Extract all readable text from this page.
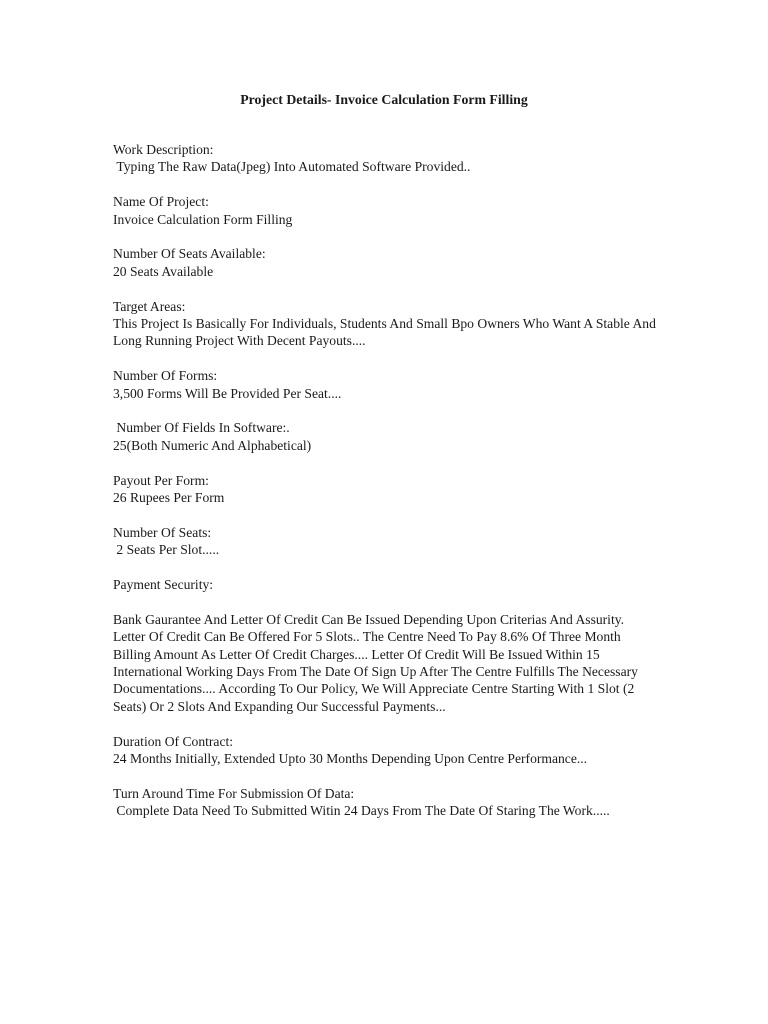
Project Details- Invoice Calculation Form Filling

Work Description:

Typing The Raw Data(Jpeg) Into Automated Software Provided..

Name Of Project:

Invoice Calculation Form Filling

Number Of Seats Available:

20 Seats Available

Target Areas:

This Project Is Basically For Individuals, Students And Small Bpo Owners Who Want A Stable And Long Running Project With Decent Payouts....

Number Of Forms:

3,500 Forms Will Be Provided Per Seat....

Number Of Fields In Software:.

25(Both Numeric And Alphabetical)

Payout Per Form:

26 Rupees Per Form

Number Of Seats:

2 Seats Per Slot.....

Payment Security:

Bank Gaurantee And Letter Of Credit Can Be Issued Depending Upon Criterias And Assurity. Letter Of Credit Can Be Offered For 5 Slots.. The Centre Need To Pay 8.6% Of Three Month Billing Amount As Letter Of Credit Charges.... Letter Of Credit Will Be Issued Within 15 International Working Days From The Date Of Sign Up After The Centre Fulfills The Necessary Documentations.... According To Our Policy, We Will Appreciate Centre Starting With 1 Slot (2 Seats) Or 2 Slots And Expanding Our Successful Payments...

Duration Of Contract:

24 Months Initially, Extended Upto 30 Months Depending Upon Centre Performance...

Turn Around Time For Submission Of Data:

Complete Data Need To Submitted Witin 24 Days From The Date Of Staring The Work.....
